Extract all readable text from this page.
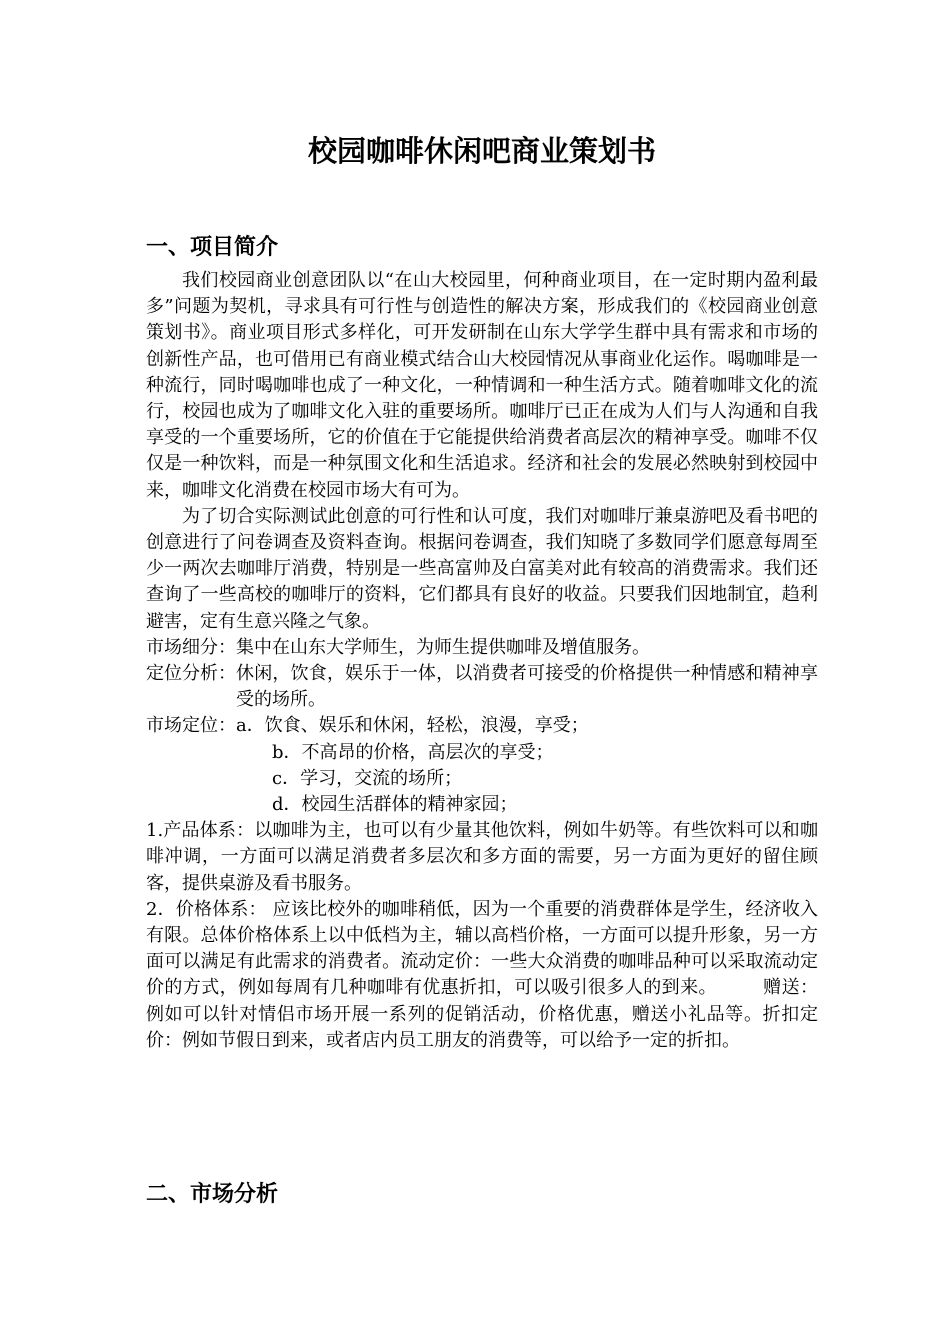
校园咖啡休闲吧商业策划书
一、项目简介

我们校园商业创意团队以“在山大校园里，何种商业项目，在一定时期内盈利最多”问题为契机，寻求具有可行性与创造性的解决方案，形成我们的《校园商业创意策划书》。商业项目形式多样化，可开发研制在山东大学学生群中具有需求和市场的创新性产品，也可借用已有商业模式结合山大校园情况从事商业化运作。喝咖啡是一种流行，同时喝咖啡也成了一种文化，一种情调和一种生活方式。随着咖啡文化的流行，校园也成为了咖啡文化入驻的重要场所。咖啡厅已正在成为人们与人沟通和自我享受的一个重要场所，它的价值在于它能提供给消费者高层次的精神享受。咖啡不仅仅是一种饮料，而是一种氛围文化和生活追求。经济和社会的发展必然映射到校园中来，咖啡文化消费在校园市场大有可为。

为了切合实际测试此创意的可行性和认可度，我们对咖啡厅兼桌游吧及看书吧的创意进行了问卷调查及资料查询。根据问卷调查，我们知晓了多数同学们愿意每周至少一两次去咖啡厅消费，特别是一些高富帅及白富美对此有较高的消费需求。我们还查询了一些高校的咖啡厅的资料，它们都具有良好的收益。只要我们因地制宜，趋利避害，定有生意兴隆之气象。

市场细分： 集中在山东大学师生，为师生提供咖啡及增值服务。

定位分析： 休闲，饮食，娱乐于一体，以消费者可接受的价格提供一种情感和精神享受的场所。

市场定位： a．饮食、娱乐和休闲，轻松，浪漫，享受；

b．不高昂的价格，高层次的享受；

c．学习，交流的场所；

d．校园生活群体的精神家园；

1.产品体系：以咖啡为主，也可以有少量其他饮料，例如牛奶等。有些饮料可以和咖啡冲调，一方面可以满足消费者多层次和多方面的需要，另一方面为更好的留住顾客，提供桌游及看书服务。

2．价格体系： 应该比校外的咖啡稍低，因为一个重要的消费群体是学生，经济收入有限。总体价格体系上以中低档为主，辅以高档价格，一方面可以提升形象，另一方面可以满足有此需求的消费者。流动定价：一些大众消费的咖啡品种可以采取流动定价的方式，例如每周有几种咖啡有优惠折扣，可以吸引很多人的到来。　　　赠送：例如可以针对情侣市场开展一系列的促销活动，价格优惠，赠送小礼品等。折扣定价：例如节假日到来，或者店内员工朋友的消费等，可以给予一定的折扣。

二、市场分析
